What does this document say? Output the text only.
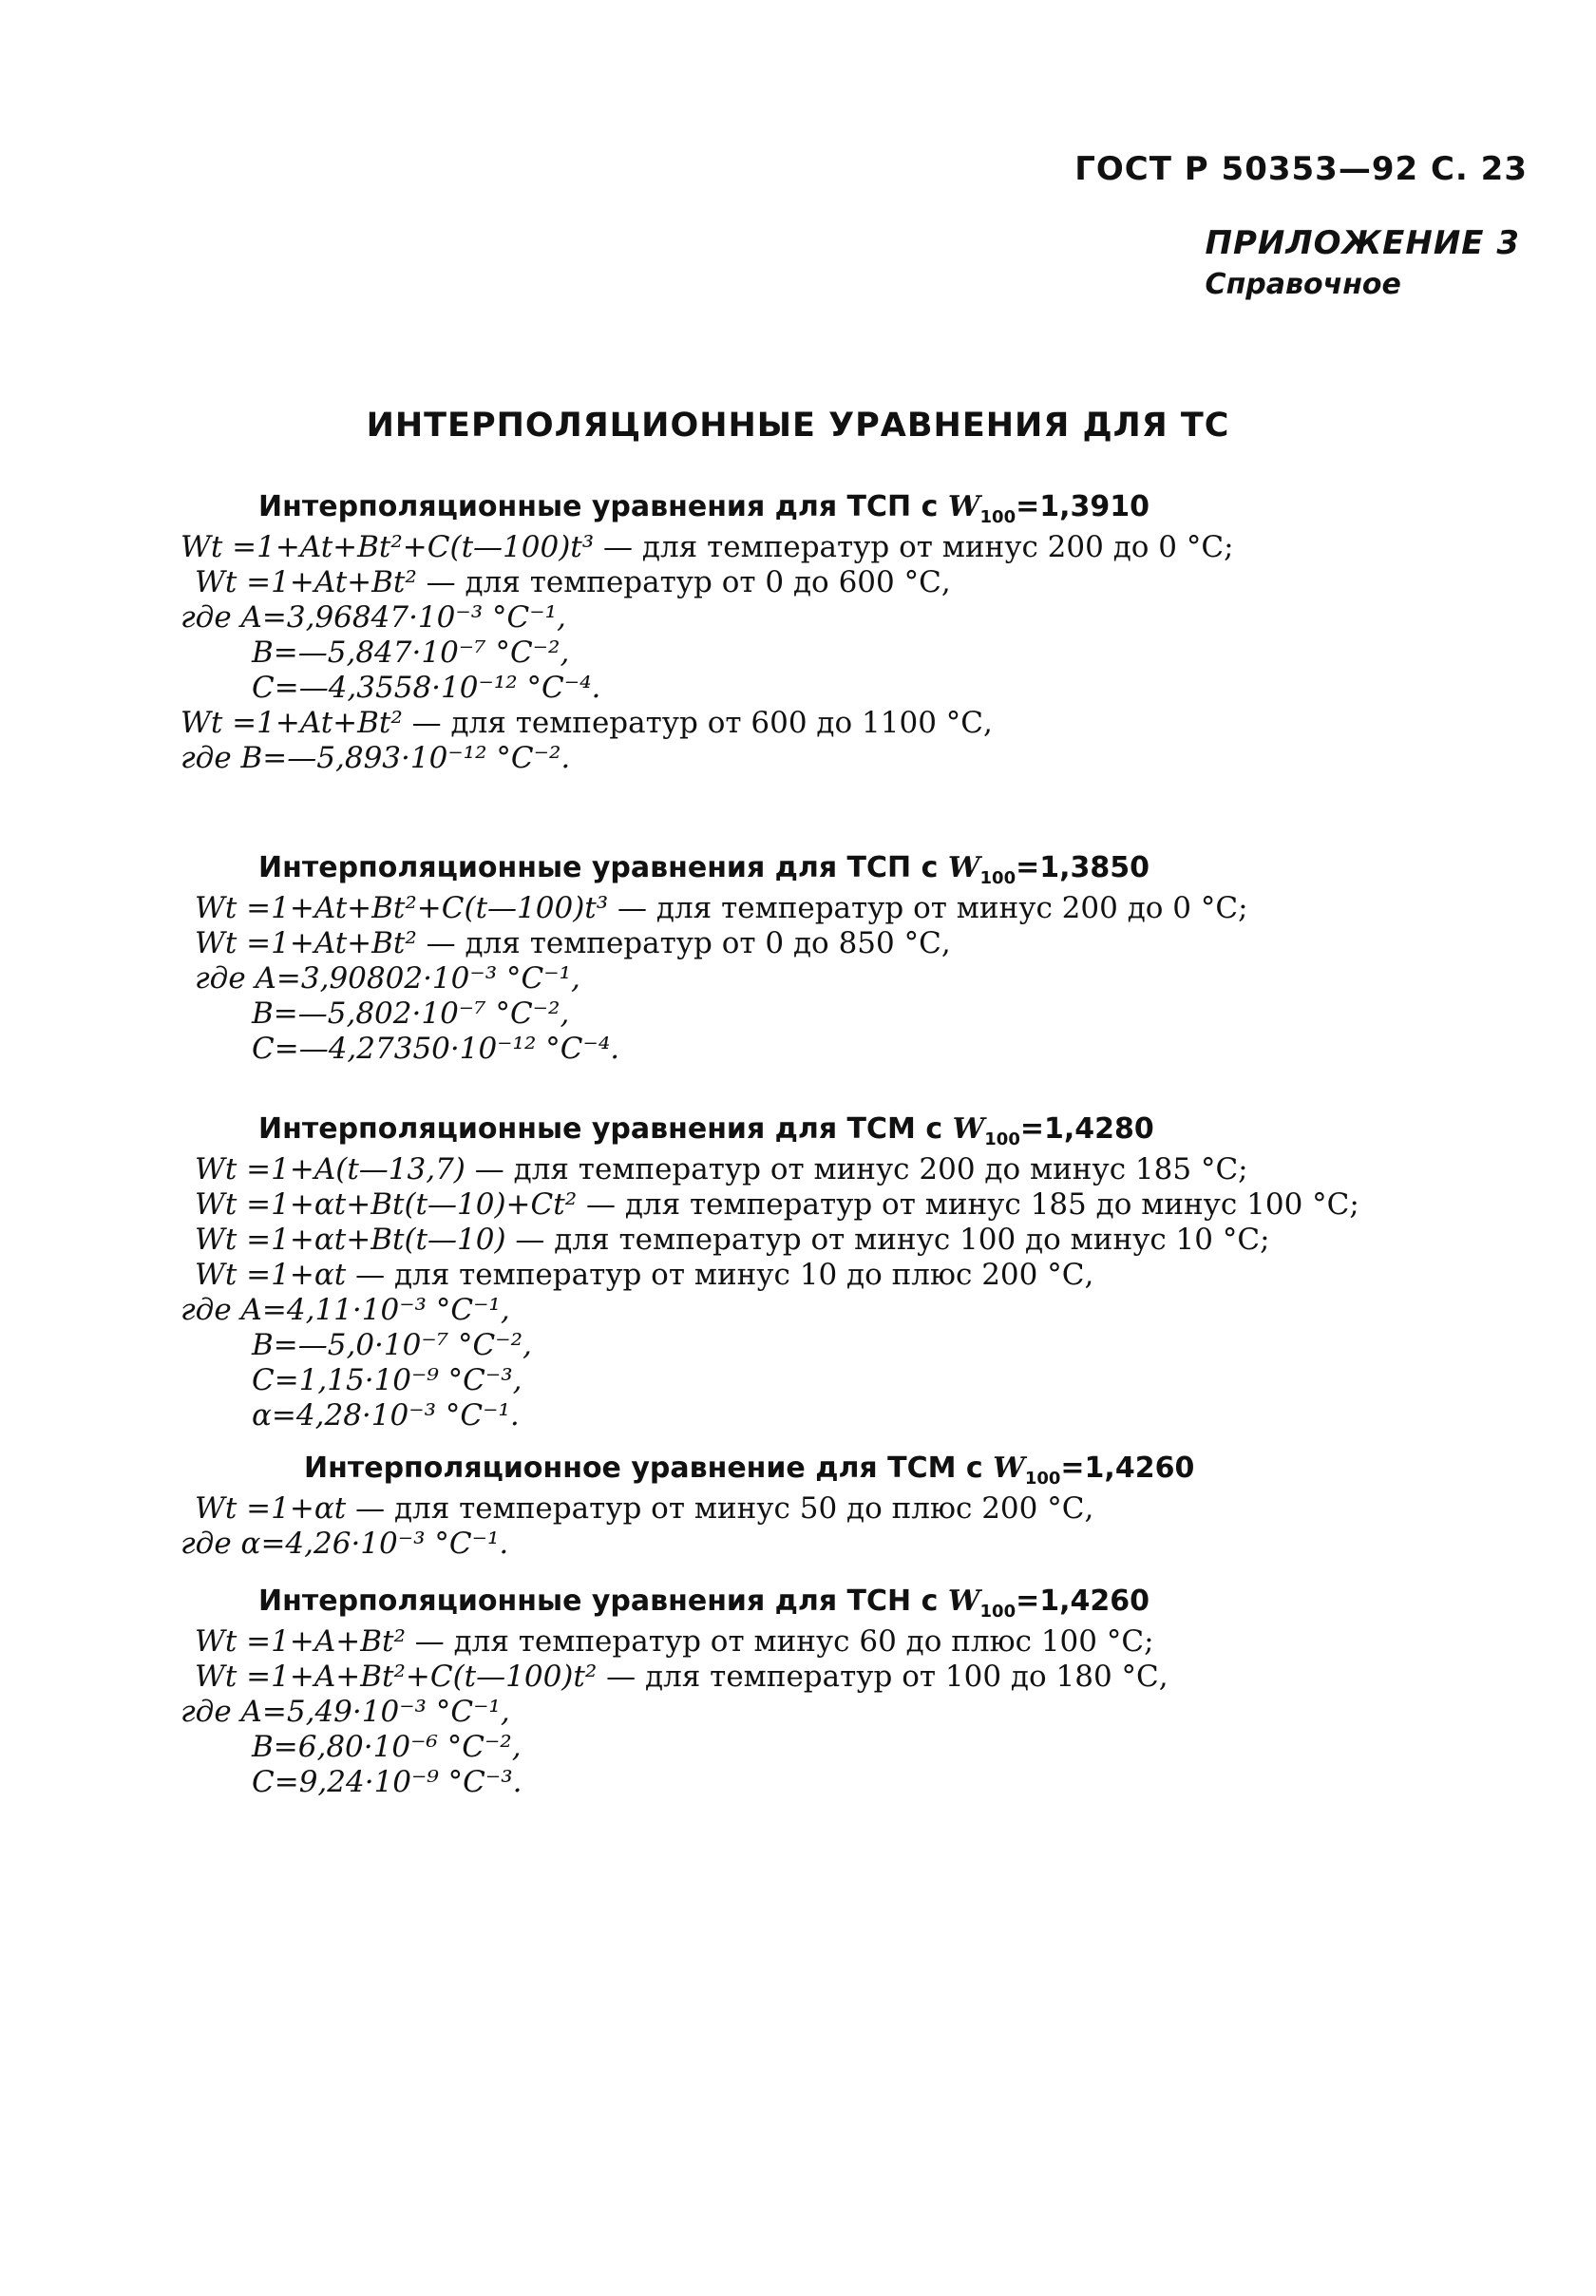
ГОСТ Р 50353—92 С. 23
ПРИЛОЖЕНИЕ 3
Справочное
ИНТЕРПОЛЯЦИОННЫЕ УРАВНЕНИЯ ДЛЯ ТС
Интерполяционные уравнения для ТСП с $W_{100}=1,3910$
Wt =1+At+Bt²+C(t—100)t³ — для температур от минус 200 до 0 °С;
Wt =1+At+Bt² — для температур от 0 до 600 °С,
где A=3,96847·10⁻³ °С⁻¹,
B=—5,847·10⁻⁷ °С⁻²,
C=—4,3558·10⁻¹² °С⁻⁴.
Wt =1+At+Bt² — для температур от 600 до 1100 °С,
где B=—5,893·10⁻¹² °С⁻².
Интерполяционные уравнения для ТСП с $W_{100}=1,3850$
Wt =1+At+Bt²+C(t—100)t³ — для температур от минус 200 до 0 °С;
Wt =1+At+Bt² — для температур от 0 до 850 °С,
где A=3,90802·10⁻³ °С⁻¹,
B=—5,802·10⁻⁷ °С⁻²,
C=—4,27350·10⁻¹² °С⁻⁴.
Интерполяционные уравнения для ТСМ с $W_{100}=1,4280$
Wt =1+A(t—13,7) — для температур от минус 200 до минус 185 °С;
Wt =1+αt+Bt(t—10)+Ct² — для температур от минус 185 до минус 100 °С;
Wt =1+αt+Bt(t—10) — для температур от минус 100 до минус 10 °С;
Wt =1+αt — для температур от минус 10 до плюс 200 °С,
где A=4,11·10⁻³ °С⁻¹,
B=—5,0·10⁻⁷ °С⁻²,
C=1,15·10⁻⁹ °С⁻³,
α=4,28·10⁻³ °С⁻¹.
Интерполяционное уравнение для ТСМ с $W_{100}=1,4260$
Wt =1+αt — для температур от минус 50 до плюс 200 °С,
где α=4,26·10⁻³ °С⁻¹.
Интерполяционные уравнения для ТСН с $W_{100}=1,4260$
Wt =1+A+Bt² — для температур от минус 60 до плюс 100 °С;
Wt =1+A+Bt²+C(t—100)t² — для температур от 100 до 180 °С,
где A=5,49·10⁻³ °С⁻¹,
B=6,80·10⁻⁶ °С⁻²,
C=9,24·10⁻⁹ °С⁻³.
